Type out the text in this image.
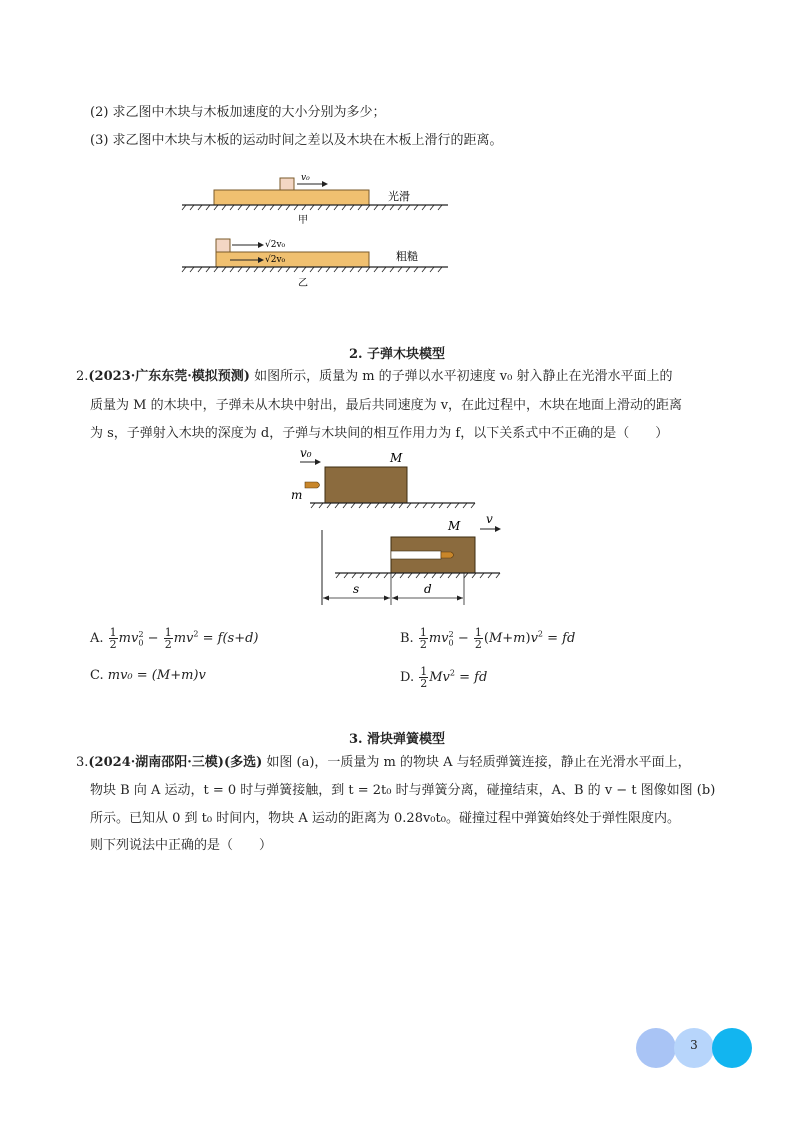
(2) 求乙图中木块与木板加速度的大小分别为多少；
(3) 求乙图中木块与木板的运动时间之差以及木块在木板上滑行的距离。
v₀
光滑
甲
√2v₀
√2v₀	粗糙
乙
2. 子弹木块模型
2.(2023·广东东莞·模拟预测) 如图所示，质量为 m 的子弹以水平初速度 v₀ 射入静止在光滑水平面上的
质量为 M 的木块中，子弹未从木块中射出，最后共同速度为 v，在此过程中，木块在地面上滑动的距离
为 s，子弹射入木块的深度为 d，子弹与木块间的相互作用力为 f，以下关系式中不正确的是（　　）
v₀	M
m
M v
s	d
A. $\frac{1}{2} mv_0^2 - \frac{1}{2} mv^2 = f(s+d)$	B. $\frac{1}{2} mv_0^2 - \frac{1}{2} (M+m)v^2$ = fd
C. mv₀ = (M+m)v	D. $\frac{1}{2} Mv^2$ = fd
3. 滑块弹簧模型
3.(2024·湖南邵阳·三模)(多选) 如图 (a)，一质量为 m 的物块 A 与轻质弹簧连接，静止在光滑水平面上，
物块 B 向 A 运动，t = 0 时与弹簧接触，到 t = 2t₀ 时与弹簧分离，碰撞结束，A、B 的 v − t 图像如图 (b)
所示。已知从 0 到 t₀ 时间内，物块 A 运动的距离为 0.28v₀t₀。碰撞过程中弹簧始终处于弹性限度内。
则下列说法中正确的是（　　）
3
